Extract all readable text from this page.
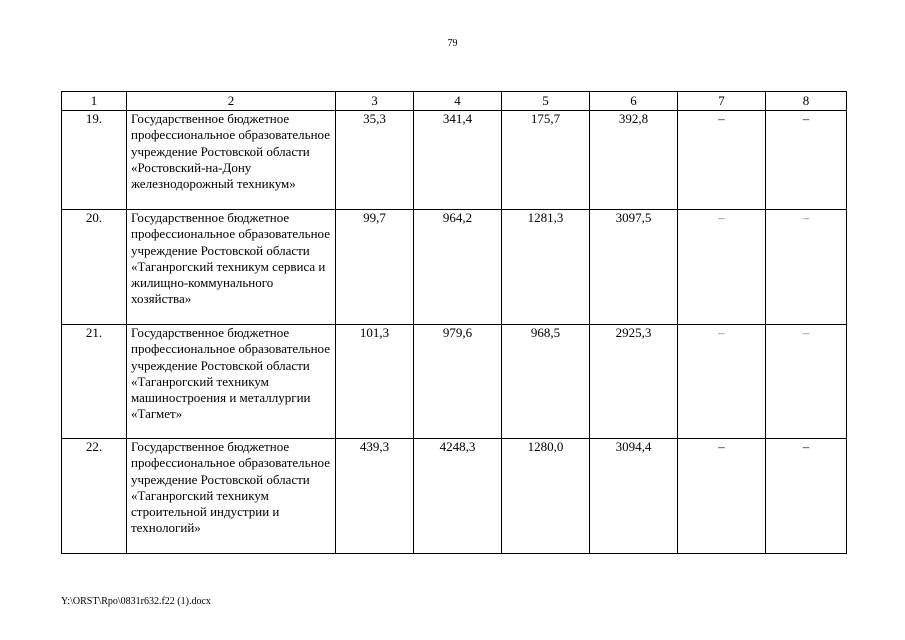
79
1	2	3	4	5	6	7	8
19.	Государственное бюджетное профессиональное образовательное учреждение Ростовской области «Ростовский-на-Дону железнодорожный техникум»	35,3	341,4	175,7	392,8	–	–
20.	Государственное бюджетное профессиональное образовательное учреждение Ростовской области «Таганрогский техникум сервиса и жилищно-коммунального хозяйства»	99,7	964,2	1281,3	3097,5	–	–
21.	Государственное бюджетное профессиональное образовательное учреждение Ростовской области «Таганрогский техникум машиностроения и металлургии «Тагмет»	101,3	979,6	968,5	2925,3	–	–
22.	Государственное бюджетное профессиональное образовательное учреждение Ростовской области «Таганрогский техникум строительной индустрии и технологий»	439,3	4248,3	1280,0	3094,4	–	–
Y:\ORST\Rpo\0831r632.f22 (1).docx
